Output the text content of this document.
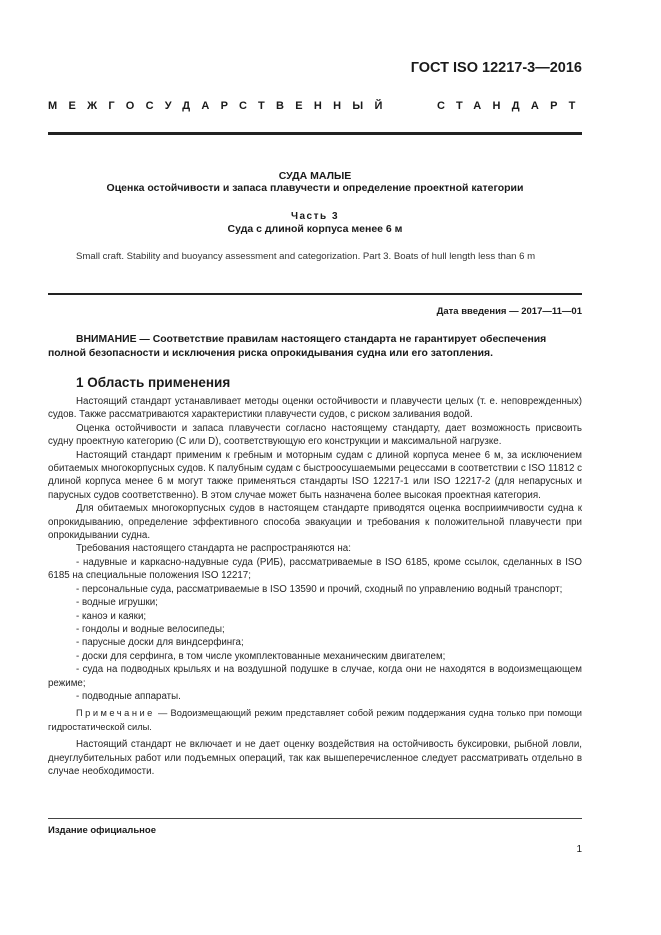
ГОСТ ISO 12217-3—2016
МЕЖГОСУДАРСТВЕННЫЙ	СТАНДАРТ
СУДА МАЛЫЕ
Оценка остойчивости и запаса плавучести и определение проектной категории
Часть 3
Суда с длиной корпуса менее 6 м
Small craft. Stability and buoyancy assessment and categorization. Part 3. Boats of hull length less than 6 m
Дата введения — 2017—11—01

ВНИМАНИЕ — Соответствие правилам настоящего стандарта не гарантирует обеспечения

полной безопасности и исключения риска опрокидывания судна или его затопления.

1 Область применения

Настоящий стандарт устанавливает методы оценки остойчивости и плавучести целых (т. е. неповрежденных) судов. Также рассматриваются характеристики плавучести судов, с риском заливания водой.

Оценка остойчивости и запаса плавучести согласно настоящему стандарту, дает возможность присвоить судну проектную категорию (С или D), соответствующую его конструкции и максимальной нагрузке.

Настоящий стандарт применим к гребным и моторным судам с длиной корпуса менее 6 м, за исключением обитаемых многокорпусных судов. К палубным судам с быстроосушаемыми рецессами в соответствии с ISO 11812 с длиной корпуса менее 6 м могут также применяться стандарты ISO 12217-1 или ISO 12217-2 (для непарусных и парусных судов соответственно). В этом случае может быть назначена более высокая проектная категория.

Для обитаемых многокорпусных судов в настоящем стандарте приводятся оценка восприимчивости судна к опрокидыванию, определение эффективного способа эвакуации и требования к положительной плавучести при опрокидывании судна.

Требования настоящего стандарта не распространяются на:

- надувные и каркасно-надувные суда (РИБ), рассматриваемые в ISO 6185, кроме ссылок, сделанных в ISO 6185 на специальные положения ISO 12217;

- персональные суда, рассматриваемые в ISO 13590 и прочий, сходный по управлению водный транспорт;

- водные игрушки;

- каноэ и каяки;

- гондолы и водные велосипеды;

- парусные доски для виндсерфинга;

- доски для серфинга, в том числе укомплектованные механическим двигателем;

- суда на подводных крыльях и на воздушной подушке в случае, когда они не находятся в водоизмещающем режиме;

- подводные аппараты.

Примечание — Водоизмещающий режим представляет собой режим поддержания судна только при помощи гидростатической силы.

Настоящий стандарт не включает и не дает оценку воздействия на остойчивость буксировки, рыбной ловли, днеуглубительных работ или подъемных операций, так как вышеперечисленное следует рассматривать отдельно в случае необходимости.

Издание официальное
1
